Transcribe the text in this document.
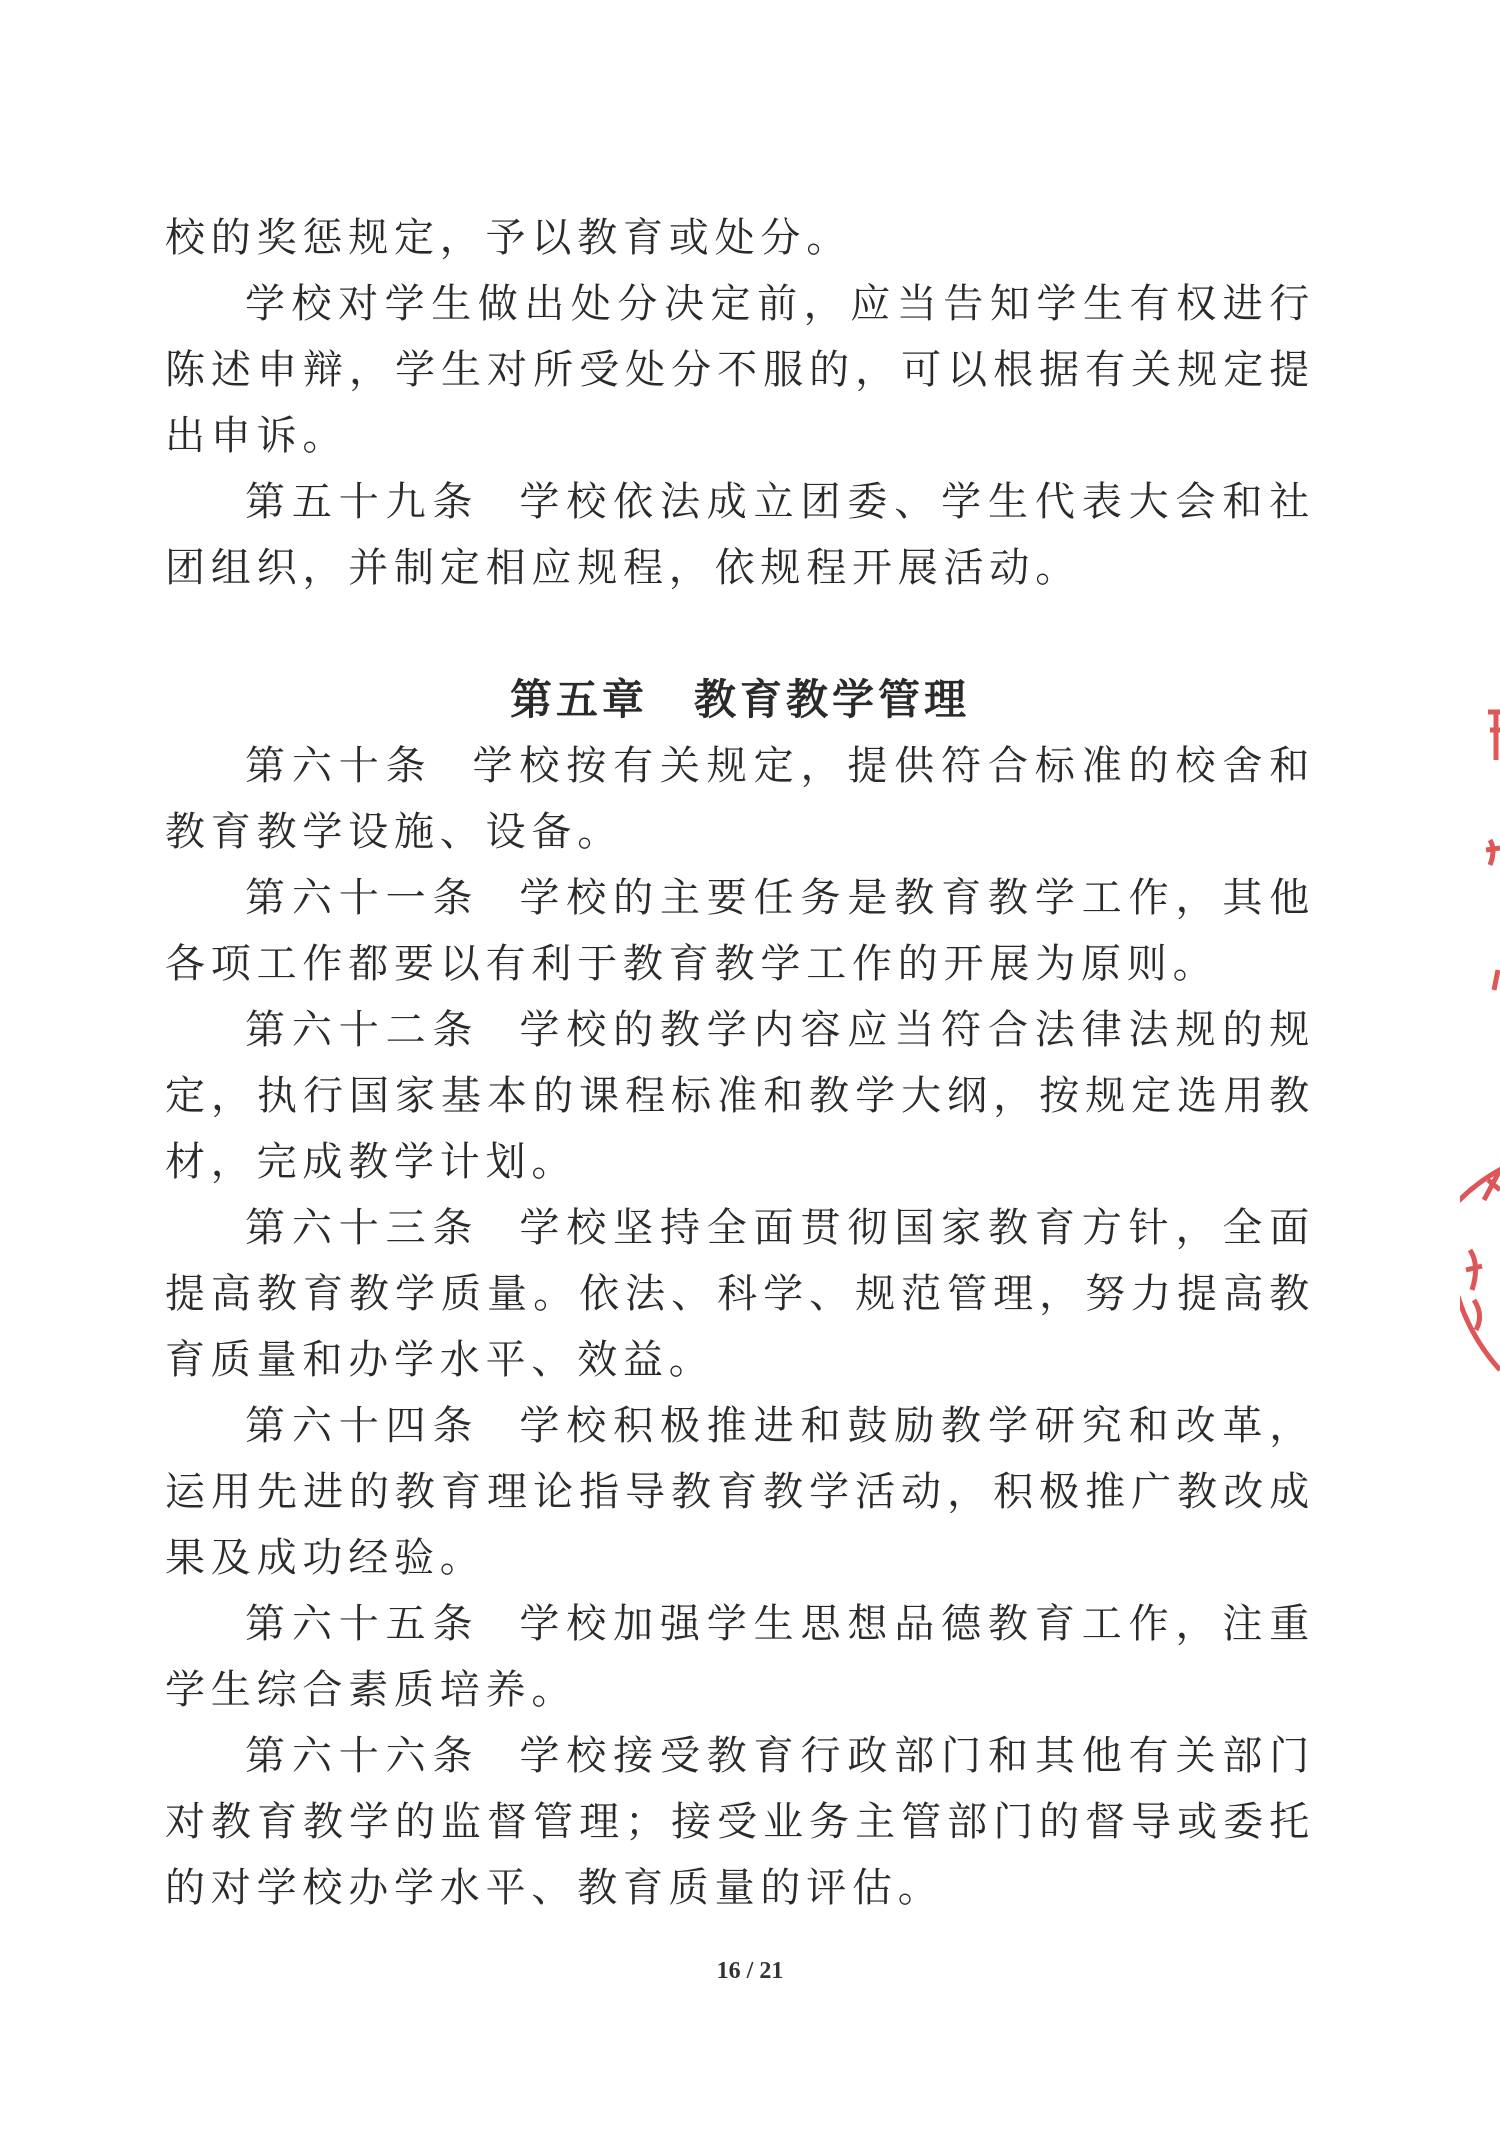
校的奖惩规定，予以教育或处分。

学校对学生做出处分决定前，应当告知学生有权进行陈述申辩，学生对所受处分不服的，可以根据有关规定提出申诉。

第五十九条 学校依法成立团委、学生代表大会和社团组织，并制定相应规程，依规程开展活动。

第五章 教育教学管理

第六十条 学校按有关规定，提供符合标准的校舍和教育教学设施、设备。

第六十一条 学校的主要任务是教育教学工作，其他各项工作都要以有利于教育教学工作的开展为原则。

第六十二条 学校的教学内容应当符合法律法规的规定，执行国家基本的课程标准和教学大纲，按规定选用教材，完成教学计划。

第六十三条 学校坚持全面贯彻国家教育方针，全面提高教育教学质量。依法、科学、规范管理，努力提高教育质量和办学水平、效益。

第六十四条 学校积极推进和鼓励教学研究和改革，运用先进的教育理论指导教育教学活动，积极推广教改成果及成功经验。

第六十五条 学校加强学生思想品德教育工作，注重学生综合素质培养。

第六十六条 学校接受教育行政部门和其他有关部门对教育教学的监督管理；接受业务主管部门的督导或委托的对学校办学水平、教育质量的评估。

16 / 21
